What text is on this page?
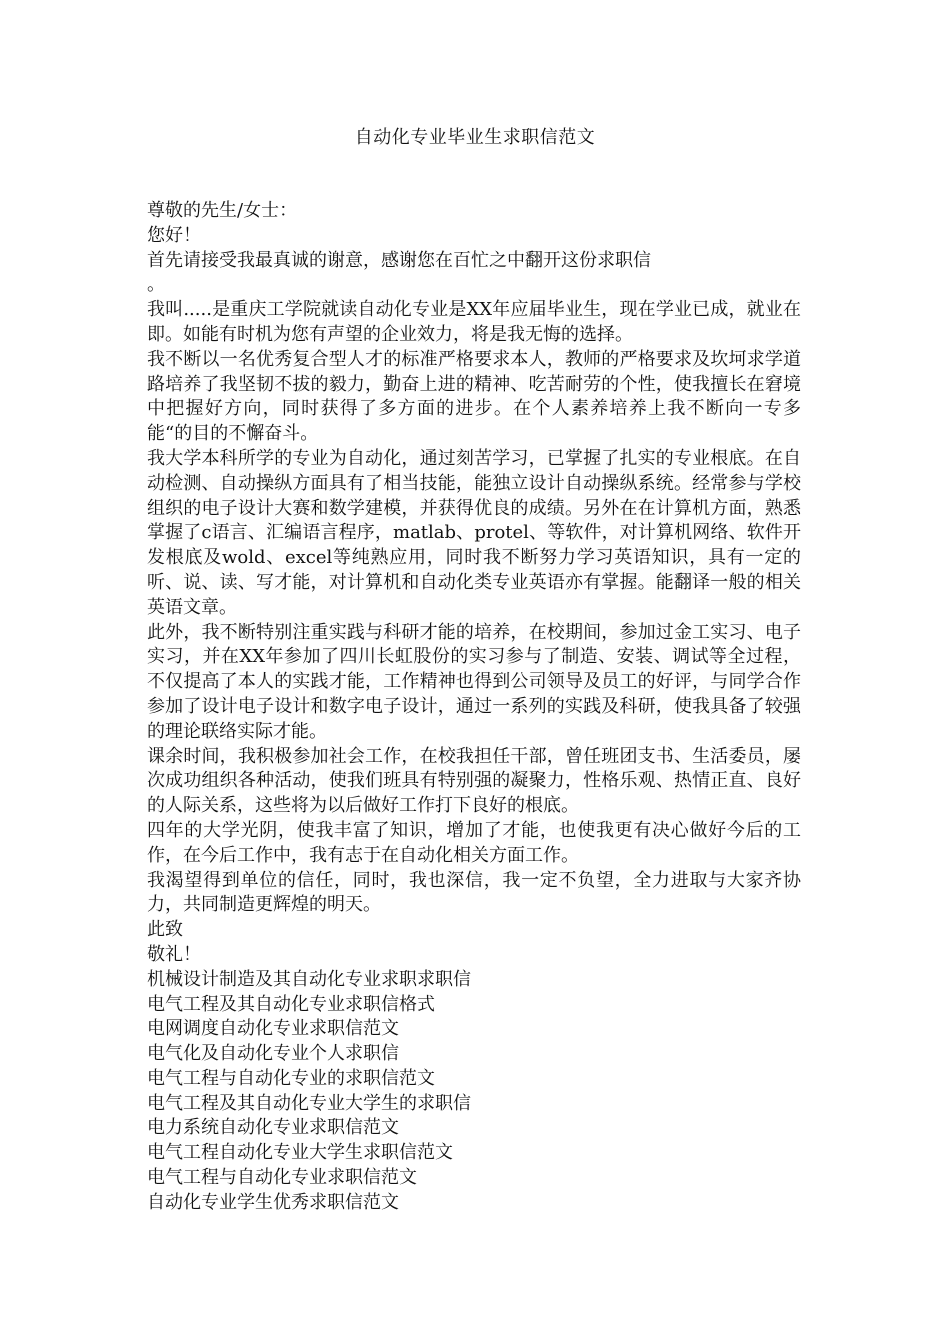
自动化专业毕业生求职信范文

尊敬的先生/女士：

您好！

首先请接受我最真诚的谢意，感谢您在百忙之中翻开这份求职信

。

我叫.....是重庆工学院就读自动化专业是XX年应届毕业生，现在学业已成，就业在即。如能有时机为您有声望的企业效力，将是我无悔的选择。

我不断以一名优秀复合型人才的标准严格要求本人，教师的严格要求及坎坷求学道路培养了我坚韧不拔的毅力，勤奋上进的精神、吃苦耐劳的个性，使我擅长在窘境中把握好方向，同时获得了多方面的进步。在个人素养培养上我不断向一专多能“的目的不懈奋斗。

我大学本科所学的专业为自动化，通过刻苦学习，已掌握了扎实的专业根底。在自动检测、自动操纵方面具有了相当技能，能独立设计自动操纵系统。经常参与学校组织的电子设计大赛和数学建模，并获得优良的成绩。另外在在计算机方面，熟悉掌握了c语言、汇编语言程序，matlab、protel、等软件，对计算机网络、软件开发根底及wold、excel等纯熟应用，同时我不断努力学习英语知识，具有一定的听、说、读、写才能，对计算机和自动化类专业英语亦有掌握。能翻译一般的相关英语文章。

此外，我不断特别注重实践与科研才能的培养，在校期间，参加过金工实习、电子实习，并在XX年参加了四川长虹股份的实习参与了制造、安装、调试等全过程，不仅提高了本人的实践才能，工作精神也得到公司领导及员工的好评，与同学合作参加了设计电子设计和数字电子设计，通过一系列的实践及科研，使我具备了较强的理论联络实际才能。

课余时间，我积极参加社会工作，在校我担任干部，曾任班团支书、生活委员，屡次成功组织各种活动，使我们班具有特别强的凝聚力，性格乐观、热情正直、良好的人际关系，这些将为以后做好工作打下良好的根底。

四年的大学光阴，使我丰富了知识，增加了才能，也使我更有决心做好今后的工作，在今后工作中，我有志于在自动化相关方面工作。

我渴望得到单位的信任，同时，我也深信，我一定不负望，全力进取与大家齐协力，共同制造更辉煌的明天。

此致

敬礼！

机械设计制造及其自动化专业求职求职信

电气工程及其自动化专业求职信格式

电网调度自动化专业求职信范文

电气化及自动化专业个人求职信

电气工程与自动化专业的求职信范文

电气工程及其自动化专业大学生的求职信

电力系统自动化专业求职信范文

电气工程自动化专业大学生求职信范文

电气工程与自动化专业求职信范文

自动化专业学生优秀求职信范文
